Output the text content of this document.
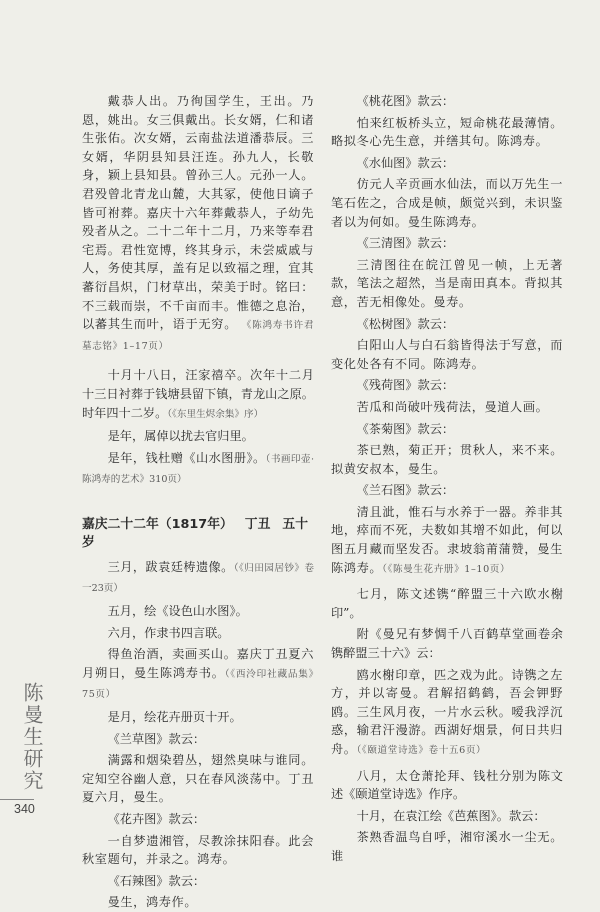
戴恭人出。乃徇国学生，王出。乃恩，姚出。女三俱戴出。长女婿，仁和诸生张佑。次女婿，云南盐法道潘恭辰。三女婿，华阴县知县汪连。孙九人，长敬身，颖上县知县。曾孙三人。元孙一人。君殁曾北青龙山麓，大其冢，使他日谪子皆可祔葬。嘉庆十六年葬戴恭人，子幼先殁者从之。二十二年十二月，乃来等奉君宅焉。君性宽博，终其身示，未尝威戚与人，务使其厚，盖有足以致福之理，宜其蕃衍昌炽，门材草出，荣美于时。铭曰：不三载而崇，不千亩而丰。惟德之息治，以蕃其生而叶，语于无穷。 《陈鸿寿书许君墓志铭》1–17页）

十月十八日，汪家禧卒。次年十二月十三日衬葬于钱塘县留下镇，青龙山之原。时年四十二岁。（《东里生烬余集》序）

是年，属倬以扰去官归里。

是年，钱杜赠《山水图册》。（书画印壶·陈鸿寿的艺术》310页）

嘉庆二十二年（1817年） 丁丑 五十岁

三月，跋袁廷梼遗像。（《归田园居钞》卷一23页）

五月，绘《设色山水图》。

六月，作隶书四言联。

得鱼治酒，卖画买山。嘉庆丁丑夏六月朔日，曼生陈鸿寿书。（《西泠印社藏品集》75页）

是月，绘花卉册页十开。

《兰草图》款云：

满露和烟染碧丛，翅然臭味与谁同。定知空谷幽人意，只在春风淡荡中。丁丑夏六月，曼生。

《花卉图》款云：

一自梦遗湘管，尽教涂抹阳春。此会秋室题句，并录之。鸿寿。

《石辣图》款云：

曼生，鸿寿作。

《桃花图》款云：

怕来红板桥头立，短命桃花最薄情。略拟冬心先生意，并缮其句。陈鸿寿。

《水仙图》款云：

仿元人辛贡画水仙法，而以万先生一笔石佐之，合成是帧，颇觉兴到，未识鉴者以为何如。曼生陈鸿寿。

《三清图》款云：

三清图往在皖江曾见一帧，上无著款，笔法之超然，当是南田真本。背拟其意，苦无相像处。曼寿。

《松树图》款云：

白阳山人与白石翁皆得法于写意，而变化处各有不同。陈鸿寿。

《残荷图》款云：

苦瓜和尚破叶残荷法，曼道人画。

《茶菊图》款云：

茶已熟，菊正开；贯秋人，来不来。拟黄安叔本，曼生。

《兰石图》款云：

清且泚，惟石与水养于一器。养非其地，瘁而不死，夫数如其增不如此，何以图五月藏而坚发否。隶坡翁莆蒲赞，曼生陈鸿寿。（《陈曼生花卉册》1–10页）

七月，陈文述镌“醉盟三十六欧水榭印”。

附《曼兄有梦惆千八百鹤草堂画卷余镌醉盟三十六》云：

鸥水榭印章，匹之戏为此。诗镌之左方，并以寄曼。君解招鹤鹤，吾会钾野鸥。三生风月夜，一片水云秋。嗳我浮沉惑，输君汗漫游。西湖好烟景，何日共归舟。（《颐道堂诗选》卷十五6页）

八月，太仓萧抡拜、钱杜分别为陈文述《颐道堂诗选》作序。

十月，在袁江绘《芭蕉图》。款云：

茶熟香温鸟自呼，湘帘溪水一尘无。谁

陈曼生研究
340
